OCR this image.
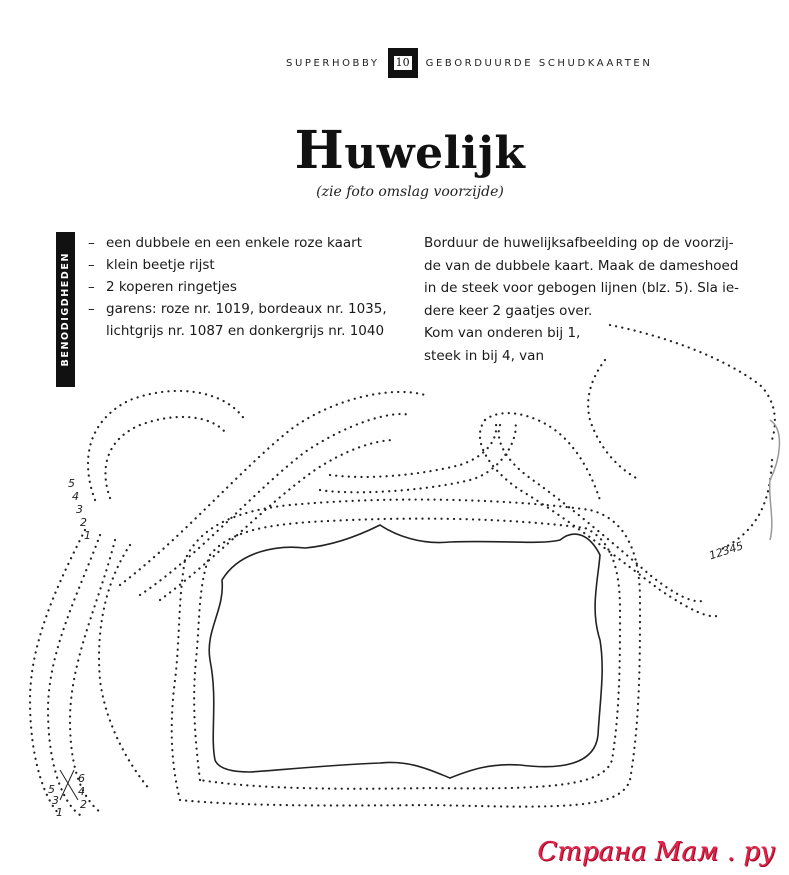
SUPERHOBBY 10 GEBORDUURDE SCHUDKAARTEN
Huwelijk
(zie foto omslag voorzijde)
BENODIGDHEDEN
– een dubbele en een enkele roze kaart
– klein beetje rijst
– 2 koperen ringetjes
– garens: roze nr. 1019, bordeaux nr. 1035, lichtgrijs nr. 1087 en donkergrijs nr. 1040

Borduur de huwelijksafbeelding op de voorzij-

de van de dubbele kaart. Maak de dameshoed

in de steek voor gebogen lijnen (blz. 5). Sla ie-

dere keer 2 gaatjes over.

Kom van onderen bij 1,

steek in bij 4, van

5
4
3
2
1
12345
6
5 4
3 2
1
Страна Мам . ру
